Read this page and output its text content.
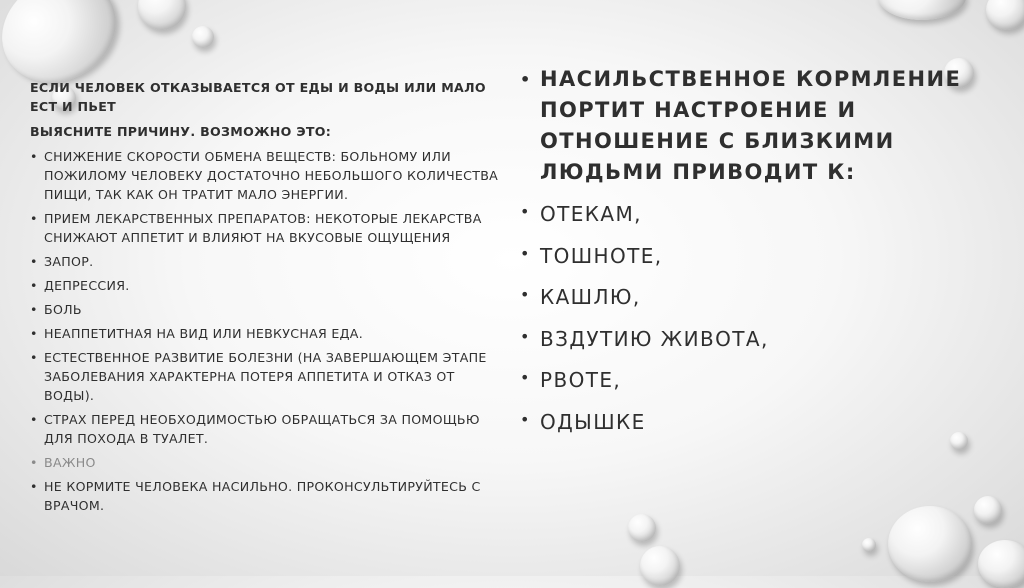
ЕСЛИ ЧЕЛОВЕК ОТКАЗЫВАЕТСЯ ОТ ЕДЫ И ВОДЫ ИЛИ МАЛО ЕСТ И ПЬЕТ
ВЫЯСНИТЕ ПРИЧИНУ. ВОЗМОЖНО ЭТО:
• СНИЖЕНИЕ СКОРОСТИ ОБМЕНА ВЕЩЕСТВ: БОЛЬНОМУ ИЛИ ПОЖИЛОМУ ЧЕЛОВЕКУ ДОСТАТОЧНО НЕБОЛЬШОГО КОЛИЧЕСТВА ПИЩИ, ТАК КАК ОН ТРАТИТ МАЛО ЭНЕРГИИ.
• ПРИЕМ ЛЕКАРСТВЕННЫХ ПРЕПАРАТОВ: НЕКОТОРЫЕ ЛЕКАРСТВА СНИЖАЮТ АППЕТИТ И ВЛИЯЮТ НА ВКУСОВЫЕ ОЩУЩЕНИЯ
• ЗАПОР.
• ДЕПРЕССИЯ.
• БОЛЬ
• НЕАППЕТИТНАЯ НА ВИД ИЛИ НЕВКУСНАЯ ЕДА.
• ЕСТЕСТВЕННОЕ РАЗВИТИЕ БОЛЕЗНИ (НА ЗАВЕРШАЮЩЕМ ЭТАПЕ ЗАБОЛЕВАНИЯ ХАРАКТЕРНА ПОТЕРЯ АППЕТИТА И ОТКАЗ ОТ ВОДЫ).
• СТРАХ ПЕРЕД НЕОБХОДИМОСТЬЮ ОБРАЩАТЬСЯ ЗА ПОМОЩЬЮ ДЛЯ ПОХОДА В ТУАЛЕТ.
• ВАЖНО
• НЕ КОРМИТЕ ЧЕЛОВЕКА НАСИЛЬНО. ПРОКОНСУЛЬТИРУЙТЕСЬ С ВРАЧОМ.
• НАСИЛЬСТВЕННОЕ КОРМЛЕНИЕ ПОРТИТ НАСТРОЕНИЕ И ОТНОШЕНИЕ С БЛИЗКИМИ ЛЮДЬМИ ПРИВОДИТ К:
• ОТЕКАМ,
• ТОШНОТЕ,
• КАШЛЮ,
• ВЗДУТИЮ ЖИВОТА,
• РВОТЕ,
• ОДЫШКЕ
